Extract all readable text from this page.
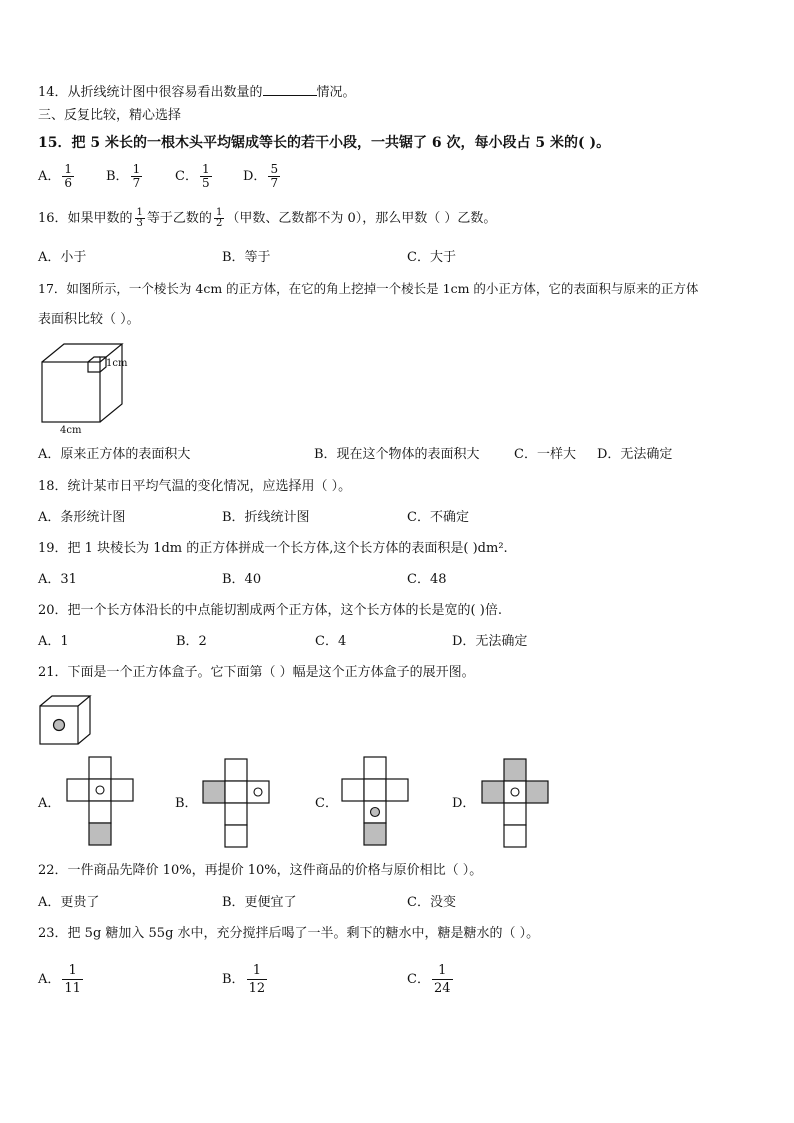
14．从折线统计图中很容易看出数量的	情况。
三、反复比较，精心选择
15．把 5 米长的一根木头平均锯成等长的若干小段，一共锯了 6 次，每小段占 5 米的( )。
A． $\frac{1}{6}$ B． $\frac{1}{7}$	C． $\frac{1}{5}$ D． $\frac{5}{7}$
16．如果甲数的 $\frac{1}{3}$ 等于乙数的 $\frac{1}{2}$ （甲数、乙数都不为 0），那么甲数（ ）乙数。
A．小于	B．等于	C．大于
17．如图所示，一个棱长为 4cm 的正方体，在它的角上挖掉一个棱长是 1cm 的小正方体，它的表面积与原来的正方体
表面积比较（ ）。
1cm
4cm
A．原来正方体的表面积大	B．现在这个物体的表面积大	C．一样大 D．无法确定
18．统计某市日平均气温的变化情况，应选择用（ ）。
A．条形统计图	B．折线统计图	C．不确定
19．把 1 块棱长为 1dm 的正方体拼成一个长方体,这个长方体的表面积是( )dm².
A．31	B．40	C．48
20．把一个长方体沿长的中点能切割成两个正方体，这个长方体的长是宽的( )倍.
A．1	B．2	C．4	D．无法确定
21．下面是一个正方体盒子。它下面第（ ）幅是这个正方体盒子的展开图。
A．	B．	C．	D．
22．一件商品先降价 10%，再提价 10%，这件商品的价格与原价相比（ ）。
A．更贵了	B．更便宜了	C．没变
23．把 5g 糖加入 55g 水中，充分搅拌后喝了一半。剩下的糖水中，糖是糖水的（ ）。
A． $\frac{1}{11}$	B． $\frac{1}{12}$	C． $\frac{1}{24}$
